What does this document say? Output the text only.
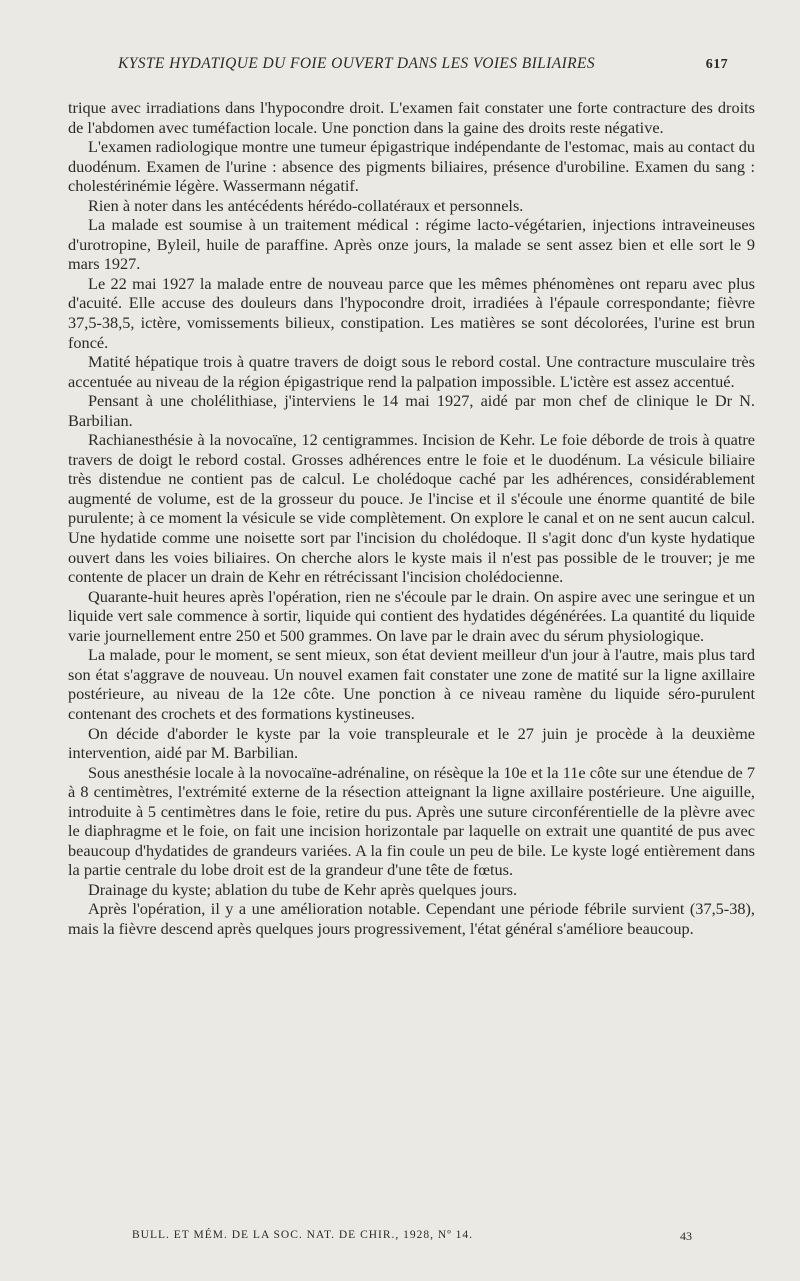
KYSTE HYDATIQUE DU FOIE OUVERT DANS LES VOIES BILIAIRES	617

trique avec irradiations dans l'hypocondre droit. L'examen fait constater une forte contracture des droits de l'abdomen avec tuméfaction locale. Une ponction dans la gaine des droits reste négative.

L'examen radiologique montre une tumeur épigastrique indépendante de l'estomac, mais au contact du duodénum. Examen de l'urine : absence des pigments biliaires, présence d'urobiline. Examen du sang : cholestérinémie légère. Wassermann négatif.

Rien à noter dans les antécédents hérédo-collatéraux et personnels.

La malade est soumise à un traitement médical : régime lacto-végétarien, injections intraveineuses d'urotropine, Byleil, huile de paraffine. Après onze jours, la malade se sent assez bien et elle sort le 9 mars 1927.

Le 22 mai 1927 la malade entre de nouveau parce que les mêmes phénomènes ont reparu avec plus d'acuité. Elle accuse des douleurs dans l'hypocondre droit, irradiées à l'épaule correspondante; fièvre 37,5-38,5, ictère, vomissements bilieux, constipation. Les matières se sont décolorées, l'urine est brun foncé.

Matité hépatique trois à quatre travers de doigt sous le rebord costal. Une contracture musculaire très accentuée au niveau de la région épigastrique rend la palpation impossible. L'ictère est assez accentué.

Pensant à une cholélithiase, j'interviens le 14 mai 1927, aidé par mon chef de clinique le Dr N. Barbilian.

Rachianesthésie à la novocaïne, 12 centigrammes. Incision de Kehr. Le foie déborde de trois à quatre travers de doigt le rebord costal. Grosses adhérences entre le foie et le duodénum. La vésicule biliaire très distendue ne contient pas de calcul. Le cholédoque caché par les adhérences, considérablement augmenté de volume, est de la grosseur du pouce. Je l'incise et il s'écoule une énorme quantité de bile purulente; à ce moment la vésicule se vide complètement. On explore le canal et on ne sent aucun calcul. Une hydatide comme une noisette sort par l'incision du cholédoque. Il s'agit donc d'un kyste hydatique ouvert dans les voies biliaires. On cherche alors le kyste mais il n'est pas possible de le trouver; je me contente de placer un drain de Kehr en rétrécissant l'incision cholédocienne.

Quarante-huit heures après l'opération, rien ne s'écoule par le drain. On aspire avec une seringue et un liquide vert sale commence à sortir, liquide qui contient des hydatides dégénérées. La quantité du liquide varie journellement entre 250 et 500 grammes. On lave par le drain avec du sérum physiologique.

La malade, pour le moment, se sent mieux, son état devient meilleur d'un jour à l'autre, mais plus tard son état s'aggrave de nouveau. Un nouvel examen fait constater une zone de matité sur la ligne axillaire postérieure, au niveau de la 12e côte. Une ponction à ce niveau ramène du liquide séro-purulent contenant des crochets et des formations kystineuses.

On décide d'aborder le kyste par la voie transpleurale et le 27 juin je procède à la deuxième intervention, aidé par M. Barbilian.

Sous anesthésie locale à la novocaïne-adrénaline, on résèque la 10e et la 11e côte sur une étendue de 7 à 8 centimètres, l'extrémité externe de la résection atteignant la ligne axillaire postérieure. Une aiguille, introduite à 5 centimètres dans le foie, retire du pus. Après une suture circonférentielle de la plèvre avec le diaphragme et le foie, on fait une incision horizontale par laquelle on extrait une quantité de pus avec beaucoup d'hydatides de grandeurs variées. A la fin coule un peu de bile. Le kyste logé entièrement dans la partie centrale du lobe droit est de la grandeur d'une tête de fœtus.

Drainage du kyste; ablation du tube de Kehr après quelques jours.

Après l'opération, il y a une amélioration notable. Cependant une période fébrile survient (37,5-38), mais la fièvre descend après quelques jours progressivement, l'état général s'améliore beaucoup.

BULL. ET MÉM. DE LA SOC. NAT. DE CHIR., 1928, Nº 14.	43
